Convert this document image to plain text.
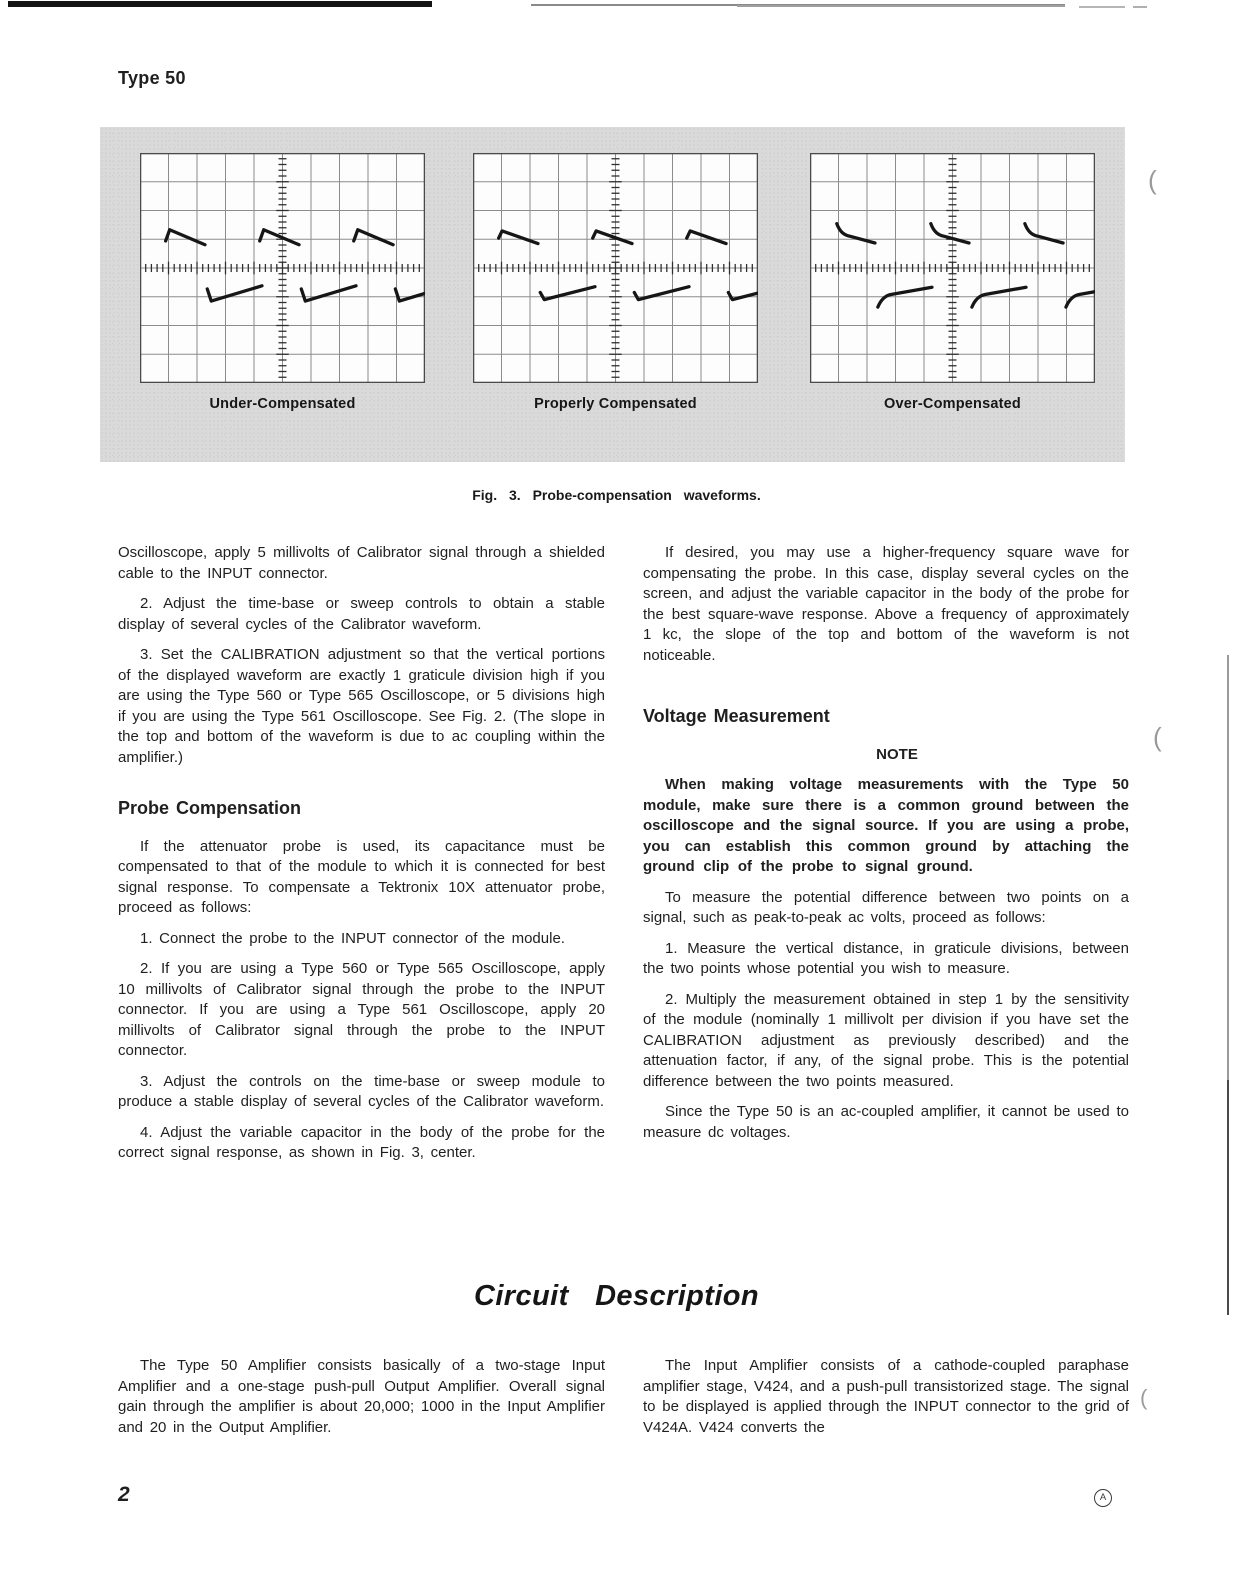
(
(
(
Type 50
Under-Compensated	Properly Compensated	Over-Compensated
Fig. 3. Probe-compensation waveforms.

Oscilloscope, apply 5 millivolts of Calibrator signal through a shielded cable to the INPUT connector.

2. Adjust the time-base or sweep controls to obtain a stable display of several cycles of the Calibrator waveform.

3. Set the CALIBRATION adjustment so that the vertical portions of the displayed waveform are exactly 1 graticule division high if you are using the Type 560 or Type 565 Oscilloscope, or 5 divisions high if you are using the Type 561 Oscilloscope. See Fig. 2. (The slope in the top and bottom of the waveform is due to ac coupling within the amplifier.)

Probe Compensation

If the attenuator probe is used, its capacitance must be compensated to that of the module to which it is connected for best signal response. To compensate a Tektronix 10X attenuator probe, proceed as follows:

1. Connect the probe to the INPUT connector of the module.

2. If you are using a Type 560 or Type 565 Oscilloscope, apply 10 millivolts of Calibrator signal through the probe to the INPUT connector. If you are using a Type 561 Oscilloscope, apply 20 millivolts of Calibrator signal through the probe to the INPUT connector.

3. Adjust the controls on the time-base or sweep module to produce a stable display of several cycles of the Calibrator waveform.

4. Adjust the variable capacitor in the body of the probe for the correct signal response, as shown in Fig. 3, center.

If desired, you may use a higher-frequency square wave for compensating the probe. In this case, display several cycles on the screen, and adjust the variable capacitor in the body of the probe for the best square-wave response. Above a frequency of approximately 1 kc, the slope of the top and bottom of the waveform is not noticeable.

Voltage Measurement

NOTE

When making voltage measurements with the Type 50 module, make sure there is a common ground between the oscilloscope and the signal source. If you are using a probe, you can establish this common ground by attaching the ground clip of the probe to signal ground.

To measure the potential difference between two points on a signal, such as peak-to-peak ac volts, proceed as follows:

1. Measure the vertical distance, in graticule divisions, between the two points whose potential you wish to measure.

2. Multiply the measurement obtained in step 1 by the sensitivity of the module (nominally 1 millivolt per division if you have set the CALIBRATION adjustment as previously described) and the attenuation factor, if any, of the signal probe. This is the potential difference between the two points measured.

Since the Type 50 is an ac-coupled amplifier, it cannot be used to measure dc voltages.

Circuit Description

The Type 50 Amplifier consists basically of a two-stage Input Amplifier and a one-stage push-pull Output Amplifier. Overall signal gain through the amplifier is about 20,000; 1000 in the Input Amplifier and 20 in the Output Amplifier.

The Input Amplifier consists of a cathode-coupled paraphase amplifier stage, V424, and a push-pull transistorized stage. The signal to be displayed is applied through the INPUT connector to the grid of V424A. V424 converts the

2	A
